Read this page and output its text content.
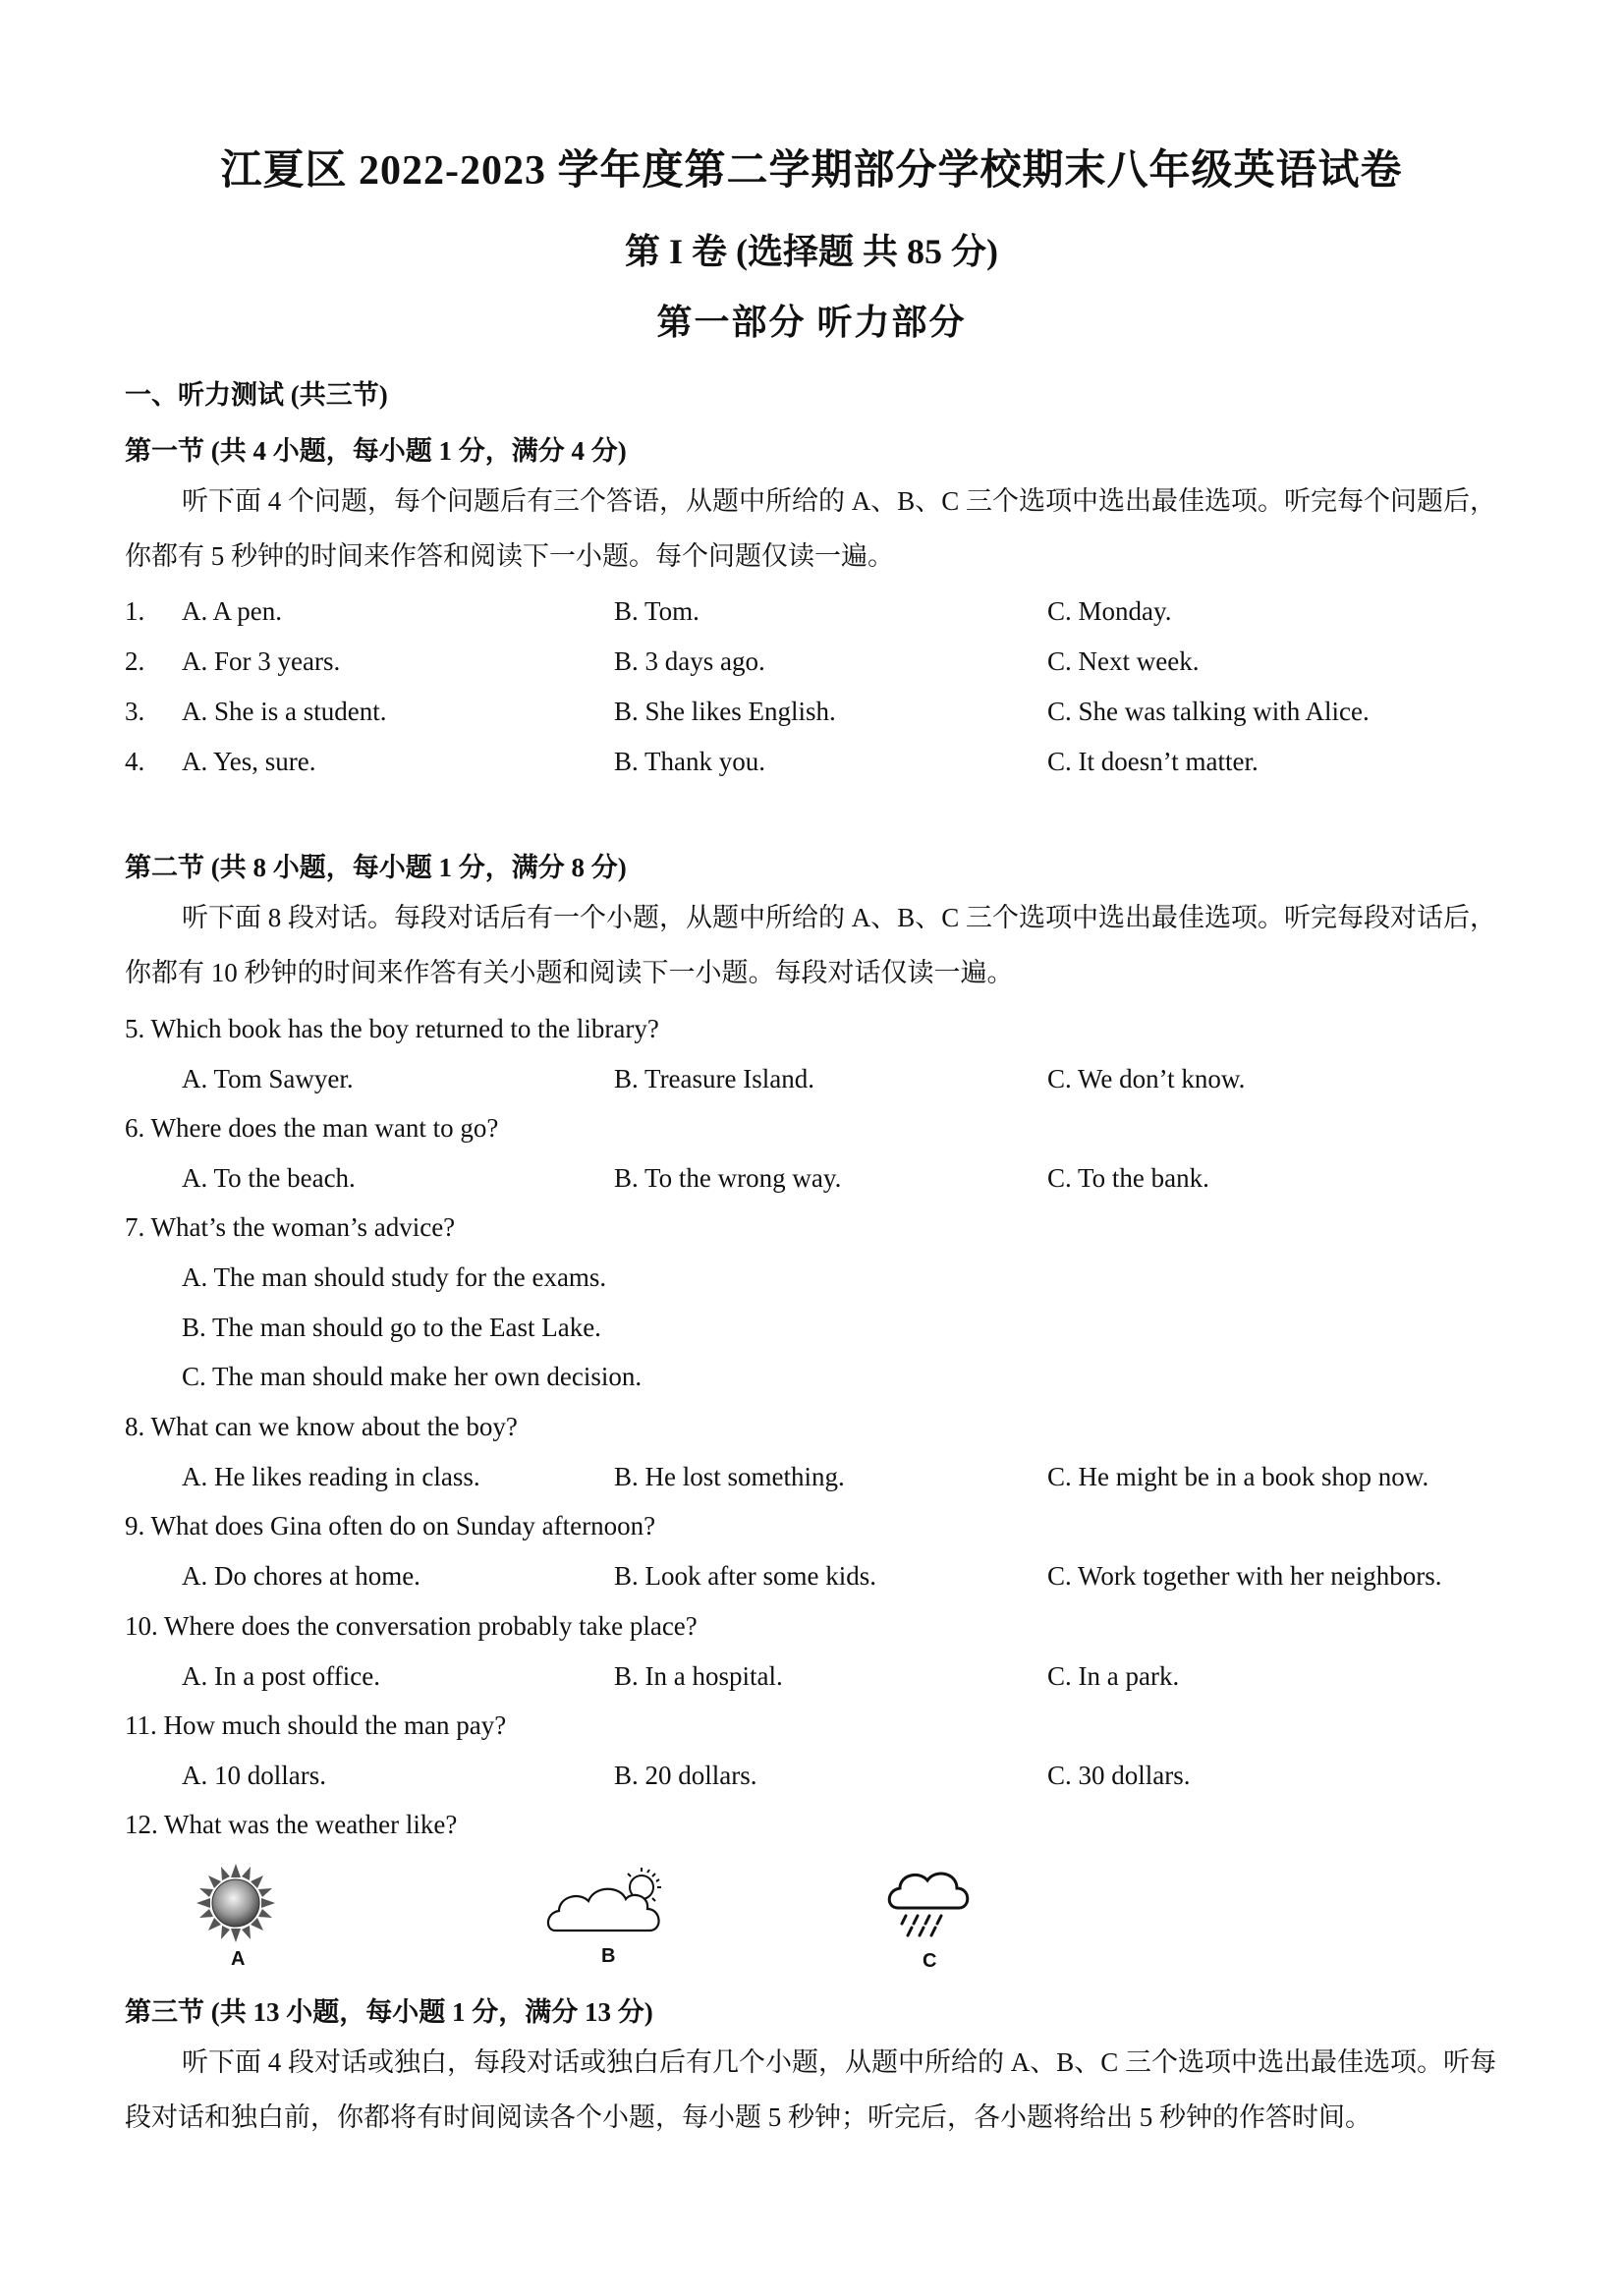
江夏区 2022-2023 学年度第二学期部分学校期末八年级英语试卷
第 I 卷 (选择题 共 85 分)
第一部分 听力部分
一、听力测试 (共三节)
第一节 (共 4 小题，每小题 1 分，满分 4 分)
听下面 4 个问题，每个问题后有三个答语，从题中所给的 A、B、C 三个选项中选出最佳选项。听完每个问题后，你都有 5 秒钟的时间来作答和阅读下一小题。每个问题仅读一遍。
1. A. A pen.	B. Tom.	C. Monday.
2. A. For 3 years.	B. 3 days ago.	C. Next week.
3. A. She is a student.	B. She likes English.	C. She was talking with Alice.
4. A. Yes, sure.	B. Thank you.	C. It doesn’t matter.
第二节 (共 8 小题，每小题 1 分，满分 8 分)
听下面 8 段对话。每段对话后有一个小题，从题中所给的 A、B、C 三个选项中选出最佳选项。听完每段对话后，你都有 10 秒钟的时间来作答有关小题和阅读下一小题。每段对话仅读一遍。
5. Which book has the boy returned to the library?
A. Tom Sawyer.	B. Treasure Island.	C. We don’t know.
6. Where does the man want to go?
A. To the beach.	B. To the wrong way.	C. To the bank.
7. What’s the woman’s advice?
A. The man should study for the exams.
B. The man should go to the East Lake.
C. The man should make her own decision.
8. What can we know about the boy?
A. He likes reading in class.	B. He lost something.	C. He might be in a book shop now.
9. What does Gina often do on Sunday afternoon?
A. Do chores at home.	B. Look after some kids.	C. Work together with her neighbors.
10. Where does the conversation probably take place?
A. In a post office.	B. In a hospital.	C. In a park.
11. How much should the man pay?
A. 10 dollars.	B. 20 dollars.	C. 30 dollars.
12. What was the weather like?
A	B	C
第三节 (共 13 小题，每小题 1 分，满分 13 分)
听下面 4 段对话或独白，每段对话或独白后有几个小题，从题中所给的 A、B、C 三个选项中选出最佳选项。听每段对话和独白前，你都将有时间阅读各个小题，每小题 5 秒钟；听完后，各小题将给出 5 秒钟的作答时间。
